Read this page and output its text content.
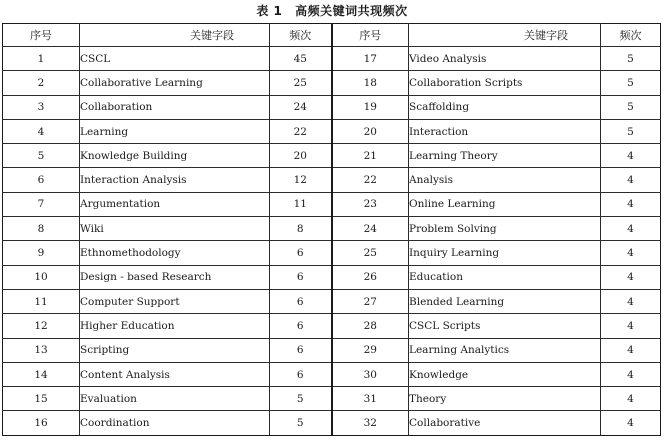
表 1 高频关键词共现频次
序号	关键字段	频次	序号	关键字段	频次
1	CSCL	45	17	Video Analysis	5
2	Collaborative Learning	25	18	Collaboration Scripts	5
3	Collaboration	24	19	Scaffolding	5
4	Learning	22	20	Interaction	5
5	Knowledge Building	20	21	Learning Theory	4
6	Interaction Analysis	12	22	Analysis	4
7	Argumentation	11	23	Online Learning	4
8	Wiki	8	24	Problem Solving	4
9	Ethnomethodology	6	25	Inquiry Learning	4
10	Design - based Research	6	26	Education	4
11	Computer Support	6	27	Blended Learning	4
12	Higher Education	6	28	CSCL Scripts	4
13	Scripting	6	29	Learning Analytics	4
14	Content Analysis	6	30	Knowledge	4
15	Evaluation	5	31	Theory	4
16	Coordination	5	32	Collaborative	4
